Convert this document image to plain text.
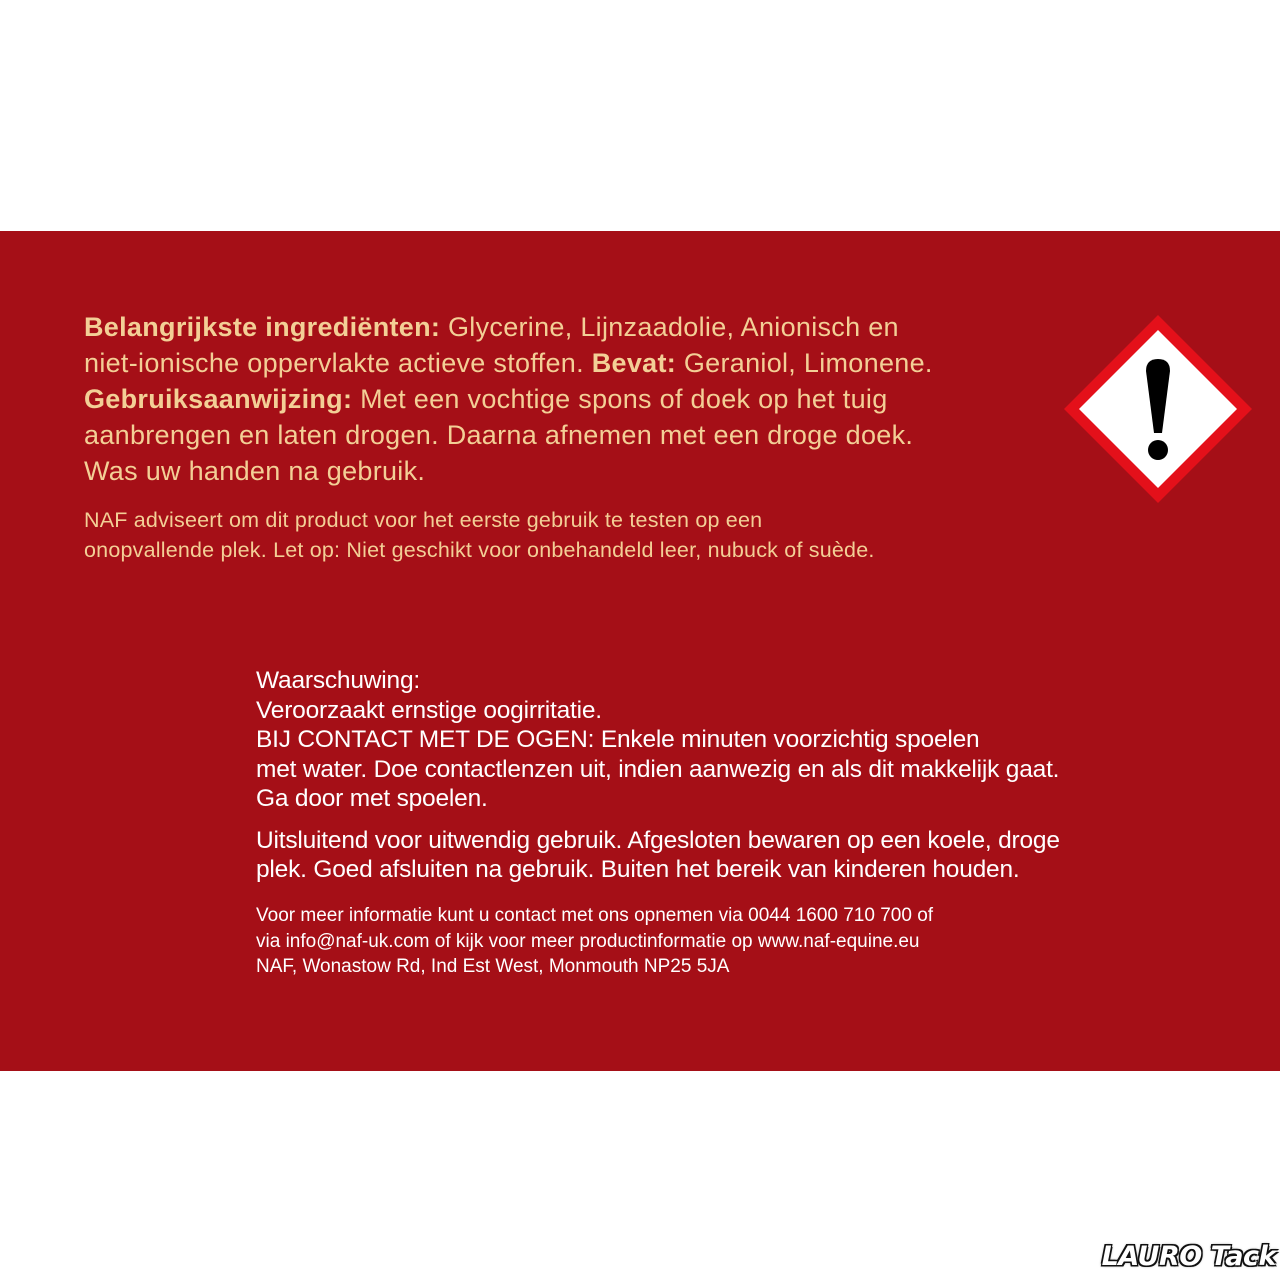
Belangrijkste ingrediënten: Glycerine, Lijnzaadolie, Anionisch en
niet-ionische oppervlakte actieve stoffen. Bevat: Geraniol, Limonene.
Gebruiksaanwijzing: Met een vochtige spons of doek op het tuig
aanbrengen en laten drogen. Daarna afnemen met een droge doek.
Was uw handen na gebruik.
NAF adviseert om dit product voor het eerste gebruik te testen op een
onopvallende plek. Let op: Niet geschikt voor onbehandeld leer, nubuck of suède.
Waarschuwing:
Veroorzaakt ernstige oogirritatie.
BIJ CONTACT MET DE OGEN: Enkele minuten voorzichtig spoelen
met water. Doe contactlenzen uit, indien aanwezig en als dit makkelijk gaat.
Ga door met spoelen.
Uitsluitend voor uitwendig gebruik. Afgesloten bewaren op een koele, droge
plek. Goed afsluiten na gebruik. Buiten het bereik van kinderen houden.
Voor meer informatie kunt u contact met ons opnemen via 0044 1600 710 700 of
via info@naf-uk.com of kijk voor meer productinformatie op www.naf-equine.eu
NAF, Wonastow Rd, Ind Est West, Monmouth NP25 5JA
LAURO Tack
